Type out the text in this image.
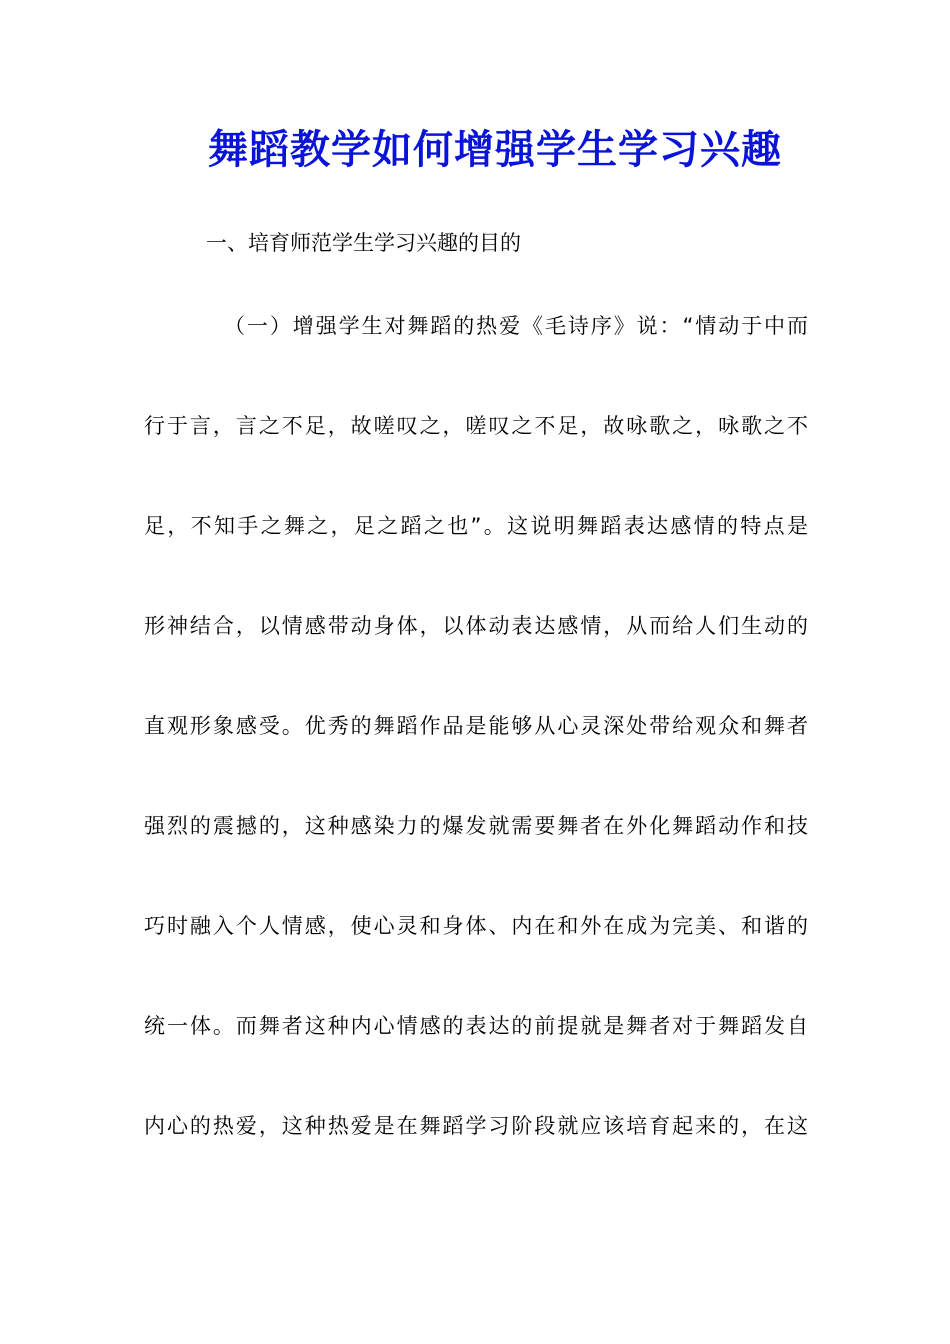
舞蹈教学如何增强学生学习兴趣
一、培育师范学生学习兴趣的目的
（一）增强学生对舞蹈的热爱《毛诗序》说：“情动于中而
行于言，言之不足，故嗟叹之，嗟叹之不足，故咏歌之，咏歌之不
足，不知手之舞之，足之蹈之也”。这说明舞蹈表达感情的特点是
形神结合，以情感带动身体，以体动表达感情，从而给人们生动的
直观形象感受。优秀的舞蹈作品是能够从心灵深处带给观众和舞者
强烈的震撼的，这种感染力的爆发就需要舞者在外化舞蹈动作和技
巧时融入个人情感，使心灵和身体、内在和外在成为完美、和谐的
统一体。而舞者这种内心情感的表达的前提就是舞者对于舞蹈发自
内心的热爱，这种热爱是在舞蹈学习阶段就应该培育起来的，在这
